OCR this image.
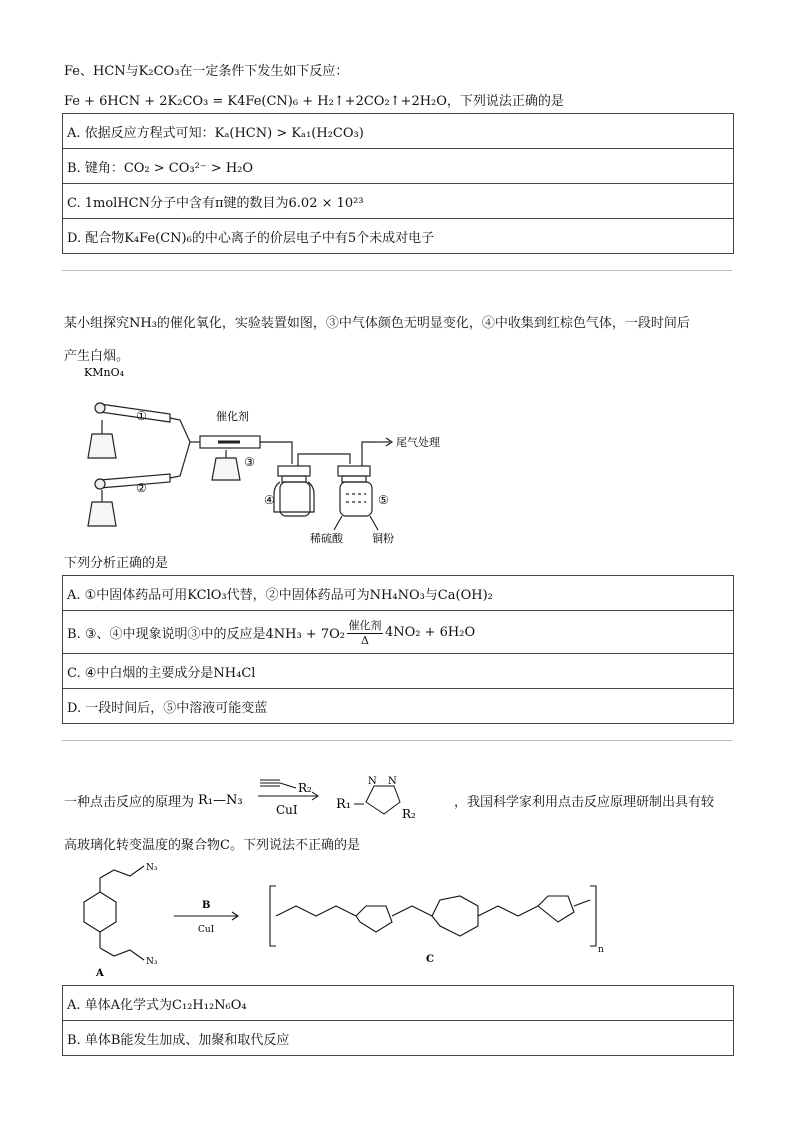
Fe、HCN与K₂CO₃在一定条件下发生如下反应：
Fe + 6HCN + 2K₂CO₃ = K4Fe(CN)₆ + H₂↑+2CO₂↑+2H₂O，下列说法正确的是
A. 依据反应方程式可知：Kₐ(HCN) > Kₐ₁(H₂CO₃)
B. 键角：CO₂ > CO₃²⁻ > H₂O
C. 1molHCN分子中含有π键的数目为6.02 × 10²³
D. 配合物K₄Fe(CN)₆的中心离子的价层电子中有5个未成对电子
某小组探究NH₃的催化氧化，实验装置如图，③中气体颜色无明显变化，④中收集到红棕色气体，一段时间后
产生白烟。
KMnO₄
①
②
催化剂
③
④	⑤
尾气处理
稀硫酸	铜粉
下列分析正确的是
A. ①中固体药品可用KClO₃代替，②中固体药品可为NH₄NO₃与Ca(OH)₂
B. ③、④中现象说明③中的反应是4NH₃ + 7O₂
催化剂
Δ
4NO₂ + 6H₂O
C. ④中白烟的主要成分是NH₄Cl
D. 一段时间后，⑤中溶液可能变蓝
一种点击反应的原理为 R₁—N₃
R₂
CuI	R₁
N N
R₂
，我国科学家利用点击反应原理研制出具有较
高玻璃化转变温度的聚合物C。下列说法不正确的是
N₃
N₃
B
CuI
A
C
n
A. 单体A化学式为C₁₂H₁₂N₆O₄
B. 单体B能发生加成、加聚和取代反应
